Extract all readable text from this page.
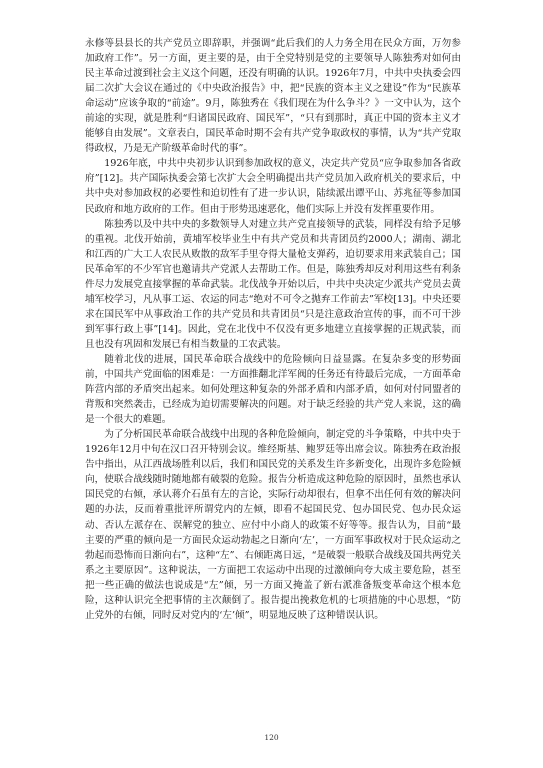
永修等县县长的共产党员立即辞职，并强调“此后我们的人力务全用在民众方面，万勿参加政府工作”。另一方面，更主要的是，由于全党特别是党的主要领导人陈独秀对如何由民主革命过渡到社会主义这个问题，还没有明确的认识。1926年7月，中共中央执委会四届二次扩大会议在通过的《中央政治报告》中，把“民族的资本主义之建设”作为“民族革命运动”应该争取的“前途”。9月，陈独秀在《我们现在为什么争斗？》一文中认为，这个前途的实现，就是胜利“归诸国民政府、国民军”，“只有到那时，真正中国的资本主义才能够自由发展”。文章表白，国民革命时期不会有共产党争取政权的事情，认为“共产党取得政权，乃是无产阶级革命时代的事”。

1926年底，中共中央初步认识到参加政权的意义，决定共产党员“应争取参加各省政府”[12]。共产国际执委会第七次扩大会全明确提出共产党员加入政府机关的要求后，中共中央对参加政权的必要性和迫切性有了进一步认识，陆续派出谭平山、苏兆征等参加国民政府和地方政府的工作。但由于形势迅速恶化，他们实际上并没有发挥重要作用。

陈独秀以及中共中央的多数领导人对建立共产党直接领导的武装，同样没有给予足够的重视。北伐开始前，黄埔军校毕业生中有共产党员和共青团员约2000人；湖南、湖北和江西的广大工人农民从败散的敌军手里夺得大量枪支弹药，迫切要求用来武装自己；国民革命军的不少军官也邀请共产党派人去帮助工作。但是，陈独秀却反对利用这些有利条件尽力发展党直接掌握的革命武装。北伐战争开始以后，中共中央决定少派共产党员去黄埔军校学习，凡从事工运、农运的同志“绝对不可令之抛弃工作前去”军校[13]。中央还要求在国民军中从事政治工作的共产党员和共青团员“只是注意政治宣传的事，而不可干涉到军事行政上事”[14]。因此，党在北伐中不仅没有更多地建立直接掌握的正规武装，而且也没有巩固和发展已有相当数量的工农武装。

随着北伐的进展，国民革命联合战线中的危险倾向日益显露。在复杂多变的形势面前，中国共产党面临的困难是：一方面推翻北洋军阀的任务还有待最后完成，一方面革命阵营内部的矛盾突出起来。如何处理这种复杂的外部矛盾和内部矛盾，如何对付同盟者的背叛和突然袭击，已经成为迫切需要解决的问题。对于缺乏经验的共产党人来说，这的确是一个很大的难题。

为了分析国民革命联合战线中出现的各种危险倾向，制定党的斗争策略，中共中央于1926年12月中旬在汉口召开特别会议。维经斯基、鲍罗廷等出席会议。陈独秀在政治报告中指出，从江西战场胜利以后，我们和国民党的关系发生许多新变化，出现许多危险倾向，使联合战线随时随地都有破裂的危险。报告分析造成这种危险的原因时，虽然也承认国民党的右倾，承认蒋介石虽有左的言论，实际行动却很右，但拿不出任何有效的解决问题的办法，反而着重批评所谓党内的左倾，即看不起国民党、包办国民党、包办民众运动、否认左派存在、误解党的独立、应付中小商人的政策不好等等。报告认为，目前“最主要的严重的倾向是一方面民众运动勃起之日渐向‘左’，一方面军事政权对于民众运动之勃起而恐怖而日渐向右”，这种“左”、右倾距离日远，“是破裂一般联合战线及国共两党关系之主要原因”。这种说法，一方面把工农运动中出现的过激倾向夸大成主要危险，甚至把一些正确的做法也说成是“左”倾，另一方面又掩盖了新右派准备叛变革命这个根本危险，这种认识完全把事情的主次颠倒了。报告提出挽救危机的七项措施的中心思想，“防止党外的右倾，同时反对党内的‘左’倾”，明显地反映了这种错误认识。

120
